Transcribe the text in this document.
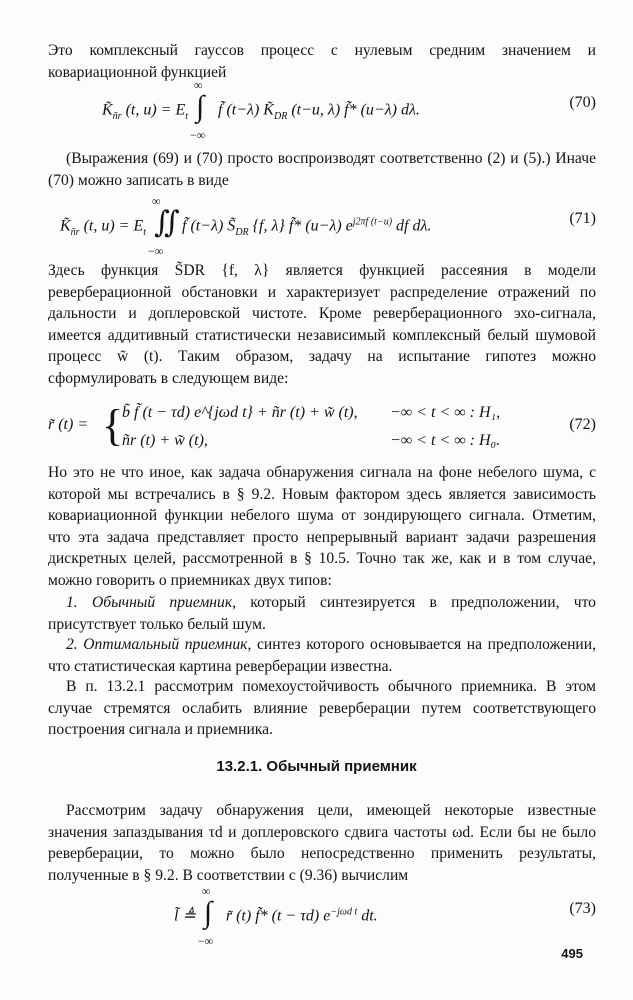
Это комплексный гауссов процесс с нулевым средним значением и ковариационной функцией
$K̃_{ñr}$ (t, $u) = E_t$
∞
∫
−∞
f̃ (t−λ) $K̃_{DR}$ (t−u, λ) f̃* (u−λ) dλ.	(70)
(Выражения (69) и (70) просто воспроизводят соответственно (2) и (5).) Иначе (70) можно записать в виде
$K̃_{ñr}$ (t, $u) = E_t$
∞
∬
−∞
f̃ (t−λ) $S̃_{DR}$ {f, λ} f̃* (u−λ) $e^{j2\pi f (t-u)}$ df dλ.	(71)
Здесь функция S̃DR {f, λ} является функцией рассеяния в модели реверберационной обстановки и характеризует распределение отражений по дальности и доплеровской чистоте. Кроме реверберационного эхо-сигнала, имеется аддитивный статистически независимый комплексный белый шумовой процесс w̃ (t). Таким образом, задачу на испытание гипотез можно сформулировать в следующем виде:
r̃ (t) = {
b̃ f̃ (t − τd) e^{jωd t} + ñr (t) + w̃ (t), −∞ < t < ∞ : H₁,
ñr (t) + w̃ (t),	−∞ < t < ∞ : H₀.
(72)
Но это не что иное, как задача обнаружения сигнала на фоне небелого шума, с которой мы встречались в § 9.2. Новым фактором здесь является зависимость ковариационной функции небелого шума от зондирующего сигнала. Отметим, что эта задача представляет просто непрерывный вариант задачи разрешения дискретных целей, рассмотренной в § 10.5. Точно так же, как и в том случае, можно говорить о приемниках двух типов:
1. Обычный приемник, который синтезируется в предположении, что присутствует только белый шум.
2. Оптимальный приемник, синтез которого основывается на предположении, что статистическая картина реверберации известна.
В п. 13.2.1 рассмотрим помехоустойчивость обычного приемника. В этом случае стремятся ослабить влияние реверберации путем соответствующего построения сигнала и приемника.
13.2.1. Обычный приемник
Рассмотрим задачу обнаружения цели, имеющей некоторые известные значения запаздывания τd и доплеровского сдвига частоты ωd. Если бы не было реверберации, то можно было непосредственно применить результаты, полученные в § 9.2. В соответствии с (9.36) вычислим
l̃ ≜
∞
∫
−∞
r̃ (t) f̃* (t − τd) $e^{-j\omega d t}$ dt.	(73)
495
